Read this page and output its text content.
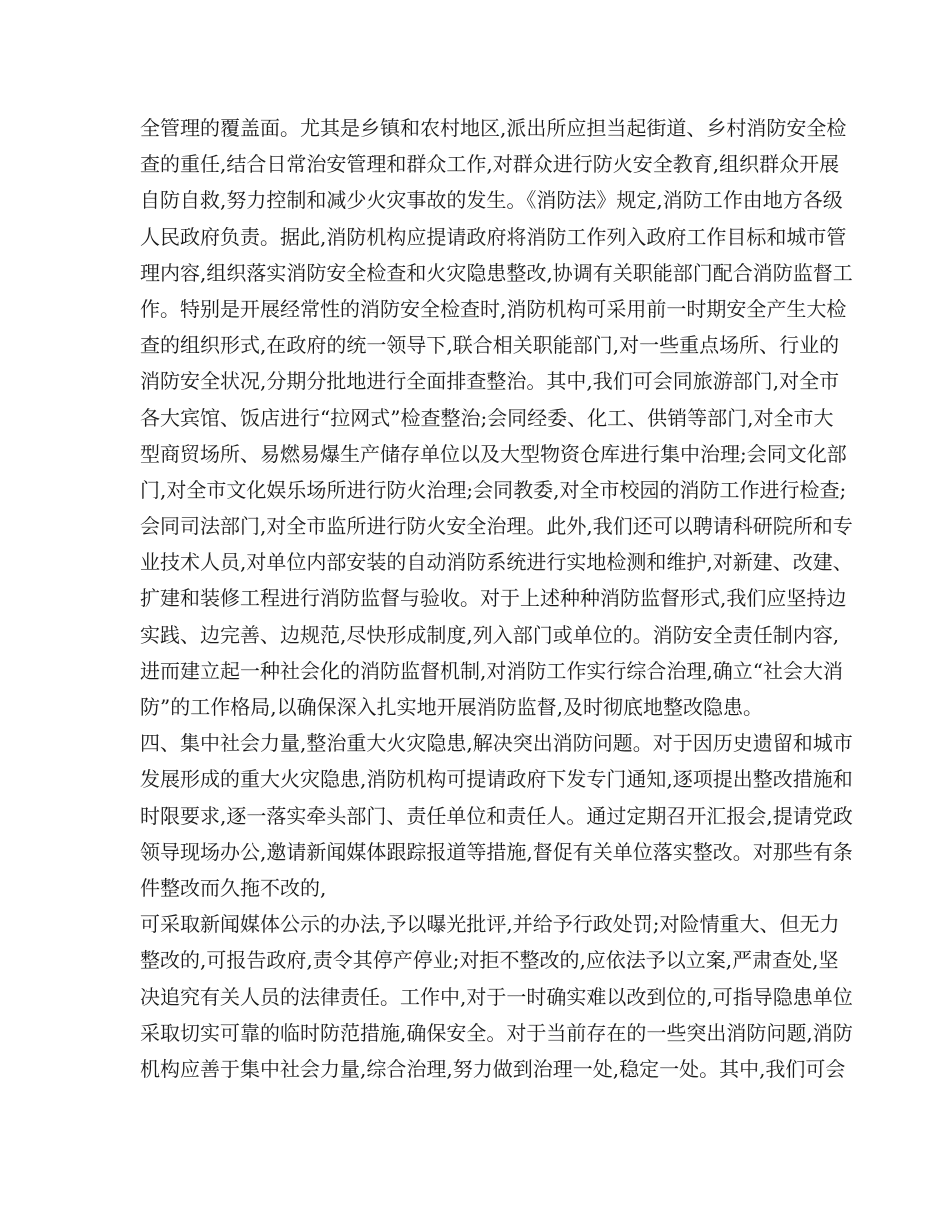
全管理的覆盖面。尤其是乡镇和农村地区,派出所应担当起街道、乡村消防安全检
查的重任,结合日常治安管理和群众工作,对群众进行防火安全教育,组织群众开展
自防自救,努力控制和减少火灾事故的发生。《消防法》规定,消防工作由地方各级
人民政府负责。据此,消防机构应提请政府将消防工作列入政府工作目标和城市管
理内容,组织落实消防安全检查和火灾隐患整改,协调有关职能部门配合消防监督工
作。特别是开展经常性的消防安全检查时,消防机构可采用前一时期安全产生大检
查的组织形式,在政府的统一领导下,联合相关职能部门,对一些重点场所、行业的
消防安全状况,分期分批地进行全面排查整治。其中,我们可会同旅游部门,对全市
各大宾馆、饭店进行“拉网式”检查整治;会同经委、化工、供销等部门,对全市大
型商贸场所、易燃易爆生产储存单位以及大型物资仓库进行集中治理;会同文化部
门,对全市文化娱乐场所进行防火治理;会同教委,对全市校园的消防工作进行检查;
会同司法部门,对全市监所进行防火安全治理。此外,我们还可以聘请科研院所和专
业技术人员,对单位内部安装的自动消防系统进行实地检测和维护,对新建、改建、
扩建和装修工程进行消防监督与验收。对于上述种种消防监督形式,我们应坚持边
实践、边完善、边规范,尽快形成制度,列入部门或单位的。消防安全责任制内容,
进而建立起一种社会化的消防监督机制,对消防工作实行综合治理,确立“社会大消
防”的工作格局,以确保深入扎实地开展消防监督,及时彻底地整改隐患。
四、集中社会力量,整治重大火灾隐患,解决突出消防问题。对于因历史遗留和城市
发展形成的重大火灾隐患,消防机构可提请政府下发专门通知,逐项提出整改措施和
时限要求,逐一落实牵头部门、责任单位和责任人。通过定期召开汇报会,提请党政
领导现场办公,邀请新闻媒体跟踪报道等措施,督促有关单位落实整改。对那些有条
件整改而久拖不改的,
可采取新闻媒体公示的办法,予以曝光批评,并给予行政处罚;对险情重大、但无力
整改的,可报告政府,责令其停产停业;对拒不整改的,应依法予以立案,严肃查处,坚
决追究有关人员的法律责任。工作中,对于一时确实难以改到位的,可指导隐患单位
采取切实可靠的临时防范措施,确保安全。对于当前存在的一些突出消防问题,消防
机构应善于集中社会力量,综合治理,努力做到治理一处,稳定一处。其中,我们可会
